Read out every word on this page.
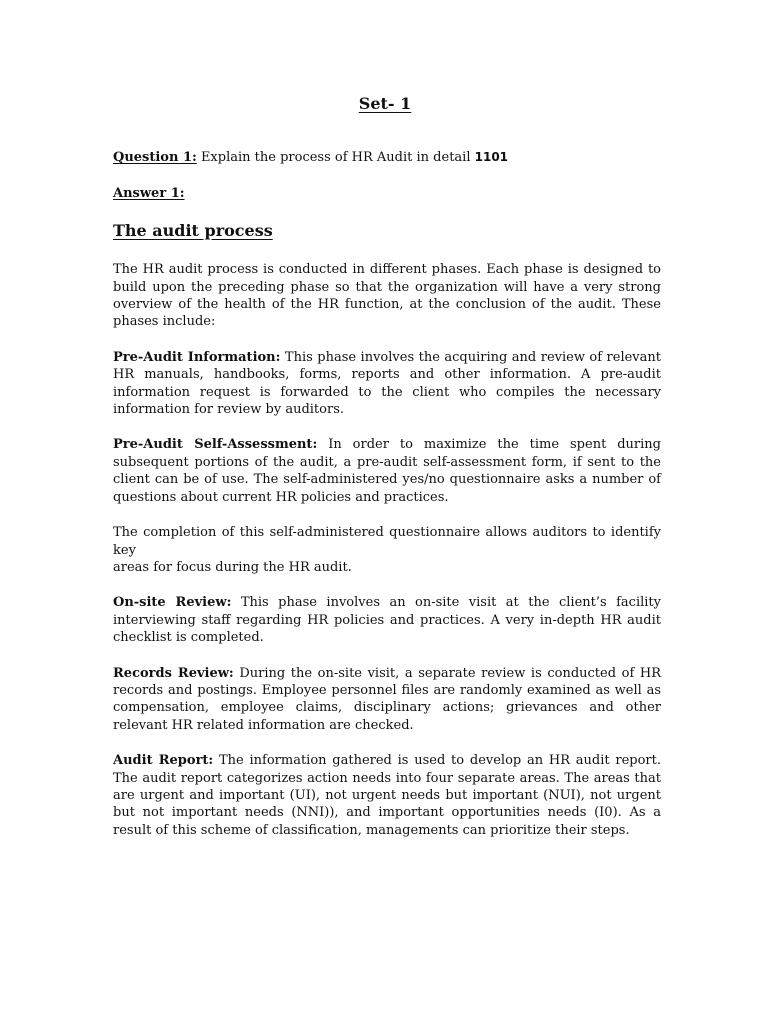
Set- 1

Question 1: Explain the process of HR Audit in detail 1101

Answer 1:

The audit process

The HR audit process is conducted in different phases. Each phase is designed to build upon the preceding phase so that the organization will have a very strong overview of the health of the HR function, at the conclusion of the audit. These phases include:

Pre-Audit Information: This phase involves the acquiring and review of relevant HR manuals, handbooks, forms, reports and other information. A pre-audit information request is forwarded to the client who compiles the necessary information for review by auditors.

Pre-Audit Self-Assessment: In order to maximize the time spent during subsequent portions of the audit, a pre-audit self-assessment form, if sent to the client can be of use. The self-administered yes/no questionnaire asks a number of questions about current HR policies and practices.

The completion of this self-administered questionnaire allows auditors to identify key

areas for focus during the HR audit.

On-site Review: This phase involves an on-site visit at the client’s facility interviewing staff regarding HR policies and practices. A very in-depth HR audit checklist is completed.

Records Review: During the on-site visit, a separate review is conducted of HR records and postings. Employee personnel files are randomly examined as well as compensation, employee claims, disciplinary actions; grievances and other relevant HR related information are checked.

Audit Report: The information gathered is used to develop an HR audit report. The audit report categorizes action needs into four separate areas. The areas that are urgent and important (UI), not urgent needs but important (NUI), not urgent but not important needs (NNI)), and important opportunities needs (I0). As a result of this scheme of classification, managements can prioritize their steps.
